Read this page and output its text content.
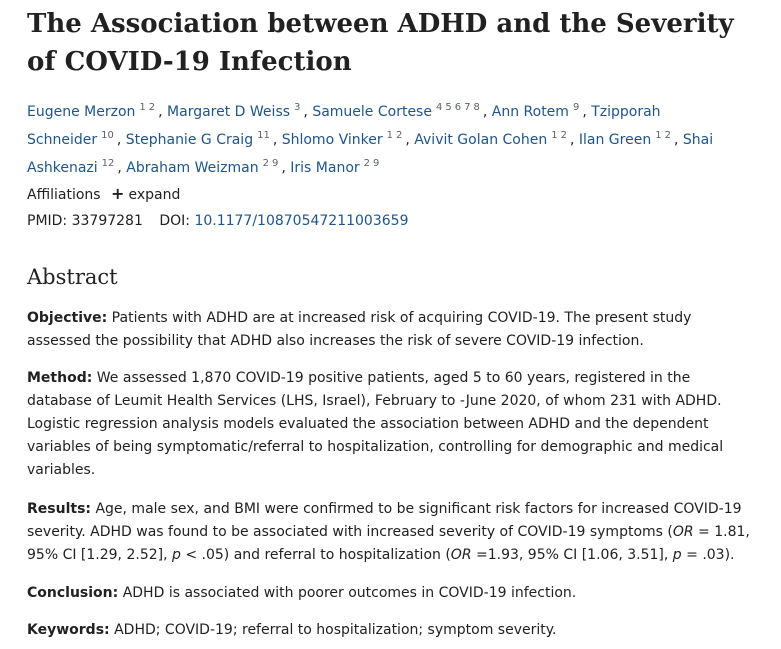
The Association between ADHD and the Severity of COVID-19 Infection
Eugene Merzon $^{1 2}$ , Margaret D Weiss $^3$ , Samuele Cortese $^{4 5 6 7 8}$ , Ann Rotem $^9$ , Tzipporah Schneider $^{10}$ , Stephanie G Craig $^{11}$ , Shlomo Vinker $^{1 2}$ , Avivit Golan Cohen $^{1 2}$ , Ilan Green $^{1 2}$ , Shai Ashkenazi $^{12}$ , Abraham Weizman $^{2 9}$ , Iris Manor $^{2 9}$
Affiliations + expand
PMID: 33797281 DOI: 10.1177/10870547211003659
Abstract

Objective: Patients with ADHD are at increased risk of acquiring COVID-19. The present study assessed the possibility that ADHD also increases the risk of severe COVID-19 infection.

Method: We assessed 1,870 COVID-19 positive patients, aged 5 to 60 years, registered in the database of Leumit Health Services (LHS, Israel), February to -June 2020, of whom 231 with ADHD. Logistic regression analysis models evaluated the association between ADHD and the dependent variables of being symptomatic/referral to hospitalization, controlling for demographic and medical variables.

Results: Age, male sex, and BMI were confirmed to be significant risk factors for increased COVID-19 severity. ADHD was found to be associated with increased severity of COVID-19 symptoms (OR = 1.81, 95% CI [1.29, 2.52], p < .05) and referral to hospitalization (OR =1.93, 95% CI [1.06, 3.51], p = .03).

Conclusion: ADHD is associated with poorer outcomes in COVID-19 infection.

Keywords: ADHD; COVID-19; referral to hospitalization; symptom severity.
